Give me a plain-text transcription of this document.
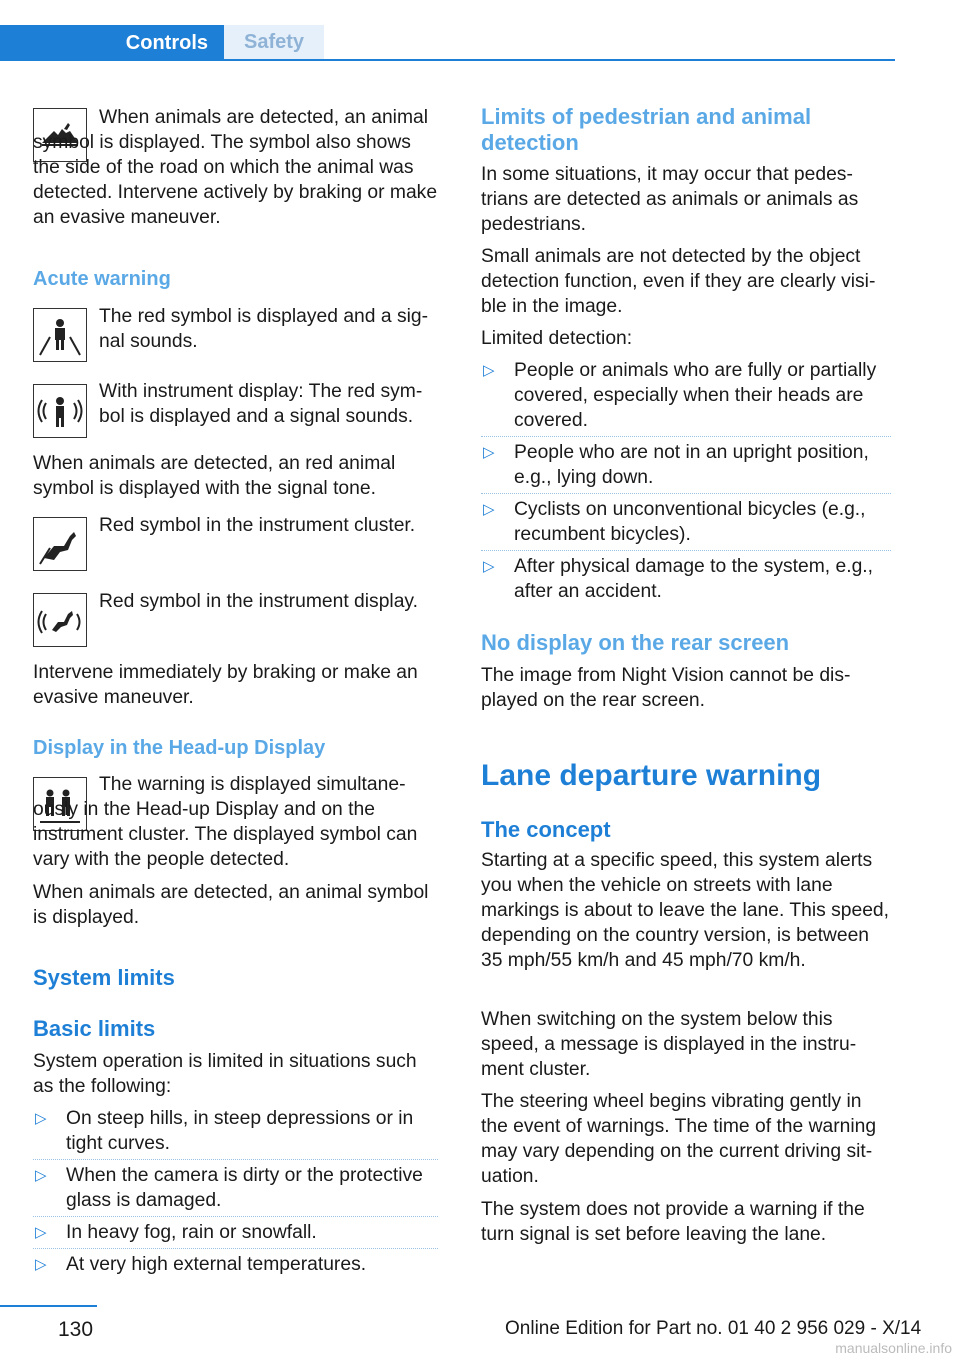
Controls	Safety

When animals are detected, an animal symbol is displayed. The symbol also shows the side of the road on which the animal was detected. Intervene actively by braking or make an evasive maneuver.

Acute warning

The red symbol is displayed and a sig-nal sounds.

With instrument display: The red sym-bol is displayed and a signal sounds.

When animals are detected, an red animal symbol is displayed with the signal tone.

Red symbol in the instrument cluster.

Red symbol in the instrument display.

Intervene immediately by braking or make an evasive maneuver.

Display in the Head-up Display

The warning is displayed simultane-ously in the Head-up Display and on the instrument cluster. The displayed symbol can vary with the people detected.

When animals are detected, an animal symbol is displayed.

System limits

Basic limits

System operation is limited in situations such as the following:

▷ On steep hills, in steep depressions or in tight curves.
▷ When the camera is dirty or the protective glass is damaged.
▷ In heavy fog, rain or snowfall.
▷ At very high external temperatures.

Limits of pedestrian and animal detection

In some situations, it may occur that pedes-trians are detected as animals or animals as pedestrians.

Small animals are not detected by the object detection function, even if they are clearly visi-ble in the image.

Limited detection:

▷ People or animals who are fully or partially covered, especially when their heads are covered.
▷ People who are not in an upright position, e.g., lying down.
▷ Cyclists on unconventional bicycles (e.g., recumbent bicycles).
▷ After physical damage to the system, e.g., after an accident.

No display on the rear screen

The image from Night Vision cannot be dis-played on the rear screen.

Lane departure warning

The concept

Starting at a specific speed, this system alerts you when the vehicle on streets with lane markings is about to leave the lane. This speed, depending on the country version, is between 35 mph/55 km/h and 45 mph/70 km/h.

When switching on the system below this speed, a message is displayed in the instru-ment cluster.

The steering wheel begins vibrating gently in the event of warnings. The time of the warning may vary depending on the current driving sit-uation.

The system does not provide a warning if the turn signal is set before leaving the lane.

130	Online Edition for Part no. 01 40 2 956 029 - X/14
manualsonline.info
